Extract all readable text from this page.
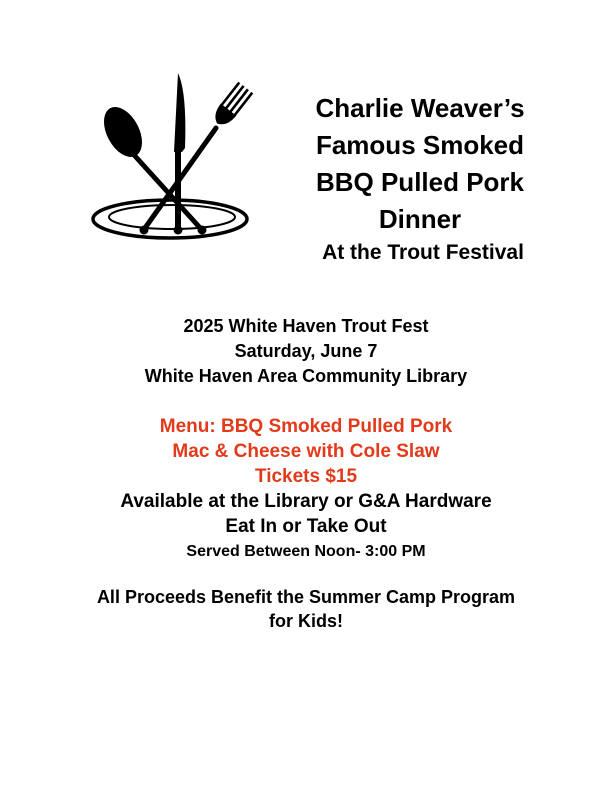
Charlie Weaver’s
Famous Smoked
BBQ Pulled Pork
Dinner
At the Trout Festival
2025 White Haven Trout Fest
Saturday, June 7
White Haven Area Community Library
Menu: BBQ Smoked Pulled Pork
Mac & Cheese with Cole Slaw
Tickets $15
Available at the Library or G&A Hardware
Eat In or Take Out
Served Between Noon- 3:00 PM
All Proceeds Benefit the Summer Camp Program
for Kids!
